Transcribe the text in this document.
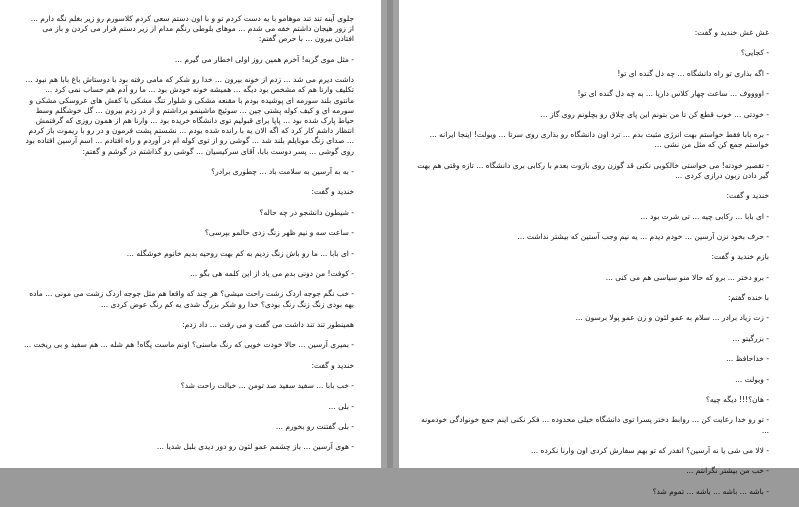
جلوی آینه تند تند موهامو با یه دست کردم تو و با اون دستم سعی کردم کلاسورم رو زیر بغلم نگه دارم ... از زور هیجان داشتم خفه می شدم ... موهای بلوطی رنگم مدام از زیر دستم فرار می کردن و باز می افتادن بیرون ... با حرص گفتم:

- مثل موی گربه! آخرم همین روز اولی اخطار می گیرم ...

داشت دیرم می شد ... زدم از خونه بیرون ... خدا رو شکر که مامی رفته بود با دوستاش باغ بابا هم نبود ... تکلیف وارنا هم که مشخص بود دیگه ... همیشه خونه خودش بود ... ما رو آدم هم حساب نمی کرد ... مانتوی بلند سورمه ای پوشیده بودم با مقنعه مشکی و شلوار تنگ مشکی با کفش های عروسکی مشکی و سورمه ای و کیف کوله پشتی جین ... سوئیچ ماشینمو برداشتم و از در زدم بیرون ... گل خوشگلم وسط حیاط پارک شده بود ... پاپا برای قبولیم توی دانشگاه خریده بود ... وارنا هم از همون روزی که گرفتمش انتظار داشم کار کرد که اگه الان یه با رانده شده بودم ... نشستم پشت فرمون و در رو با ریموت باز کردم ... صدای زنگ موبایلم بلند شد ... گوشی رو از توی کوله ام در آوردم و راه افتادم ... اسم آرسین افتاده بود روی گوشی ... پسر دوست بابا، آقای سرکیسیان ... گوشی رو گذاشتم در گوشم و گفتم:

- به به آرسین به سلامت باد ... چطوری برادر؟

خندید و گفت:

- شیطون دانشجو در چه حاله؟

- ساعت سه و نیم ظهر زنگ زدی حالمو بپرسی؟

- ای بابا ... ما رو باش زنگ زدیم به کم بهت روحیه بدیم خانوم خوشگله ...

- کوفت! من دونی بدم می یاد از این کلمه هی بگو ...

- خب نگم جوجه اردک زشت راحت میشی؟ هر چند که واقعا هم مثل جوجه اردک زشت می مونی ... ماده بهه بودی زنگ زنگ رنگ بودی؟ خدا رو شکر بزرگ شدی یه کم رنگ عوض کردی ...

همینطور تند تند داشت می گفت و می رفت ... داد زدم:

- بمیری آرسین ... حالا خودت خوبی که رنگ ماسنی؟ اونم ماست پگاه! هم شله ... هم سفید و بی ریخت ...

خندید و گفت:

- خب بابا ... سفید سفید صد تومن ... خیالت راحت شد؟

- بلی ...

- بلی گفتنت رو بخورم ...

- هوی آرسین ... باز چشمم عمو لئون رو دور دیدی بلبل شدیا ...

غش غش خندید و گفت:

- کجایی؟

- اگه بذاری تو راه دانشگاه ... چه دل گنده ای تو!

- اووووف ... ساعت چهار کلاس داریا ... به چه دل گنده ای تو!

- خودتی ... خوب قطع کن تا من بتونم این پای چلاق رو بچلونم روی گاز ...

- بره بابا فقط خواستم بهت انرژی مثبت بدم ... ترد اون دانشگاه رو بذاری روی سرتا ... ویولت! اینجا ایرانه ... خواستم جمع کن که مثل من نشی ...

- تقصیر خودته! می خواستی خالکوبی نکنی قد گوزن روی بازوت بعدم با رکابی بری دانشگاه ... تازه وقتی هم بهت گیر دادن زبون درازی کردی ...

خندید و گفت:

- ای بابا ... رکابی چیه ... تی شرت بود ...

- حرف بخود نزن آرسین ... خودم دیدم ... یه نیم وجب آستین که بیشتر نداشت ...

بازم خندید و گفت:

- برو دختر ... برو که حالا منو سیاسی هم می کنی ...

با خنده گفتم:

- زت زیاد برادر ... سلام به عمو لئون و زن عمو پولا برسون ...

- بزرگیتو ...

- خداحافظ ...

- ویولت ...

- هان؟!!! دیگه چیه؟

- تو رو خدا رعایت کن ... روابط دختر پسرا توی دانشگاه خیلی محدوده ... فکر نکنی اینم جمع خونوادگی خودمونه ...

- لالا می شی یا نه آرسین؟ انفدر که تو بهم سفارش کردی اون وارنا نکرده ...

- خب من بیشتر نگرانتم ...

- باشه ... باشه ... باشه ... تموم شد؟
